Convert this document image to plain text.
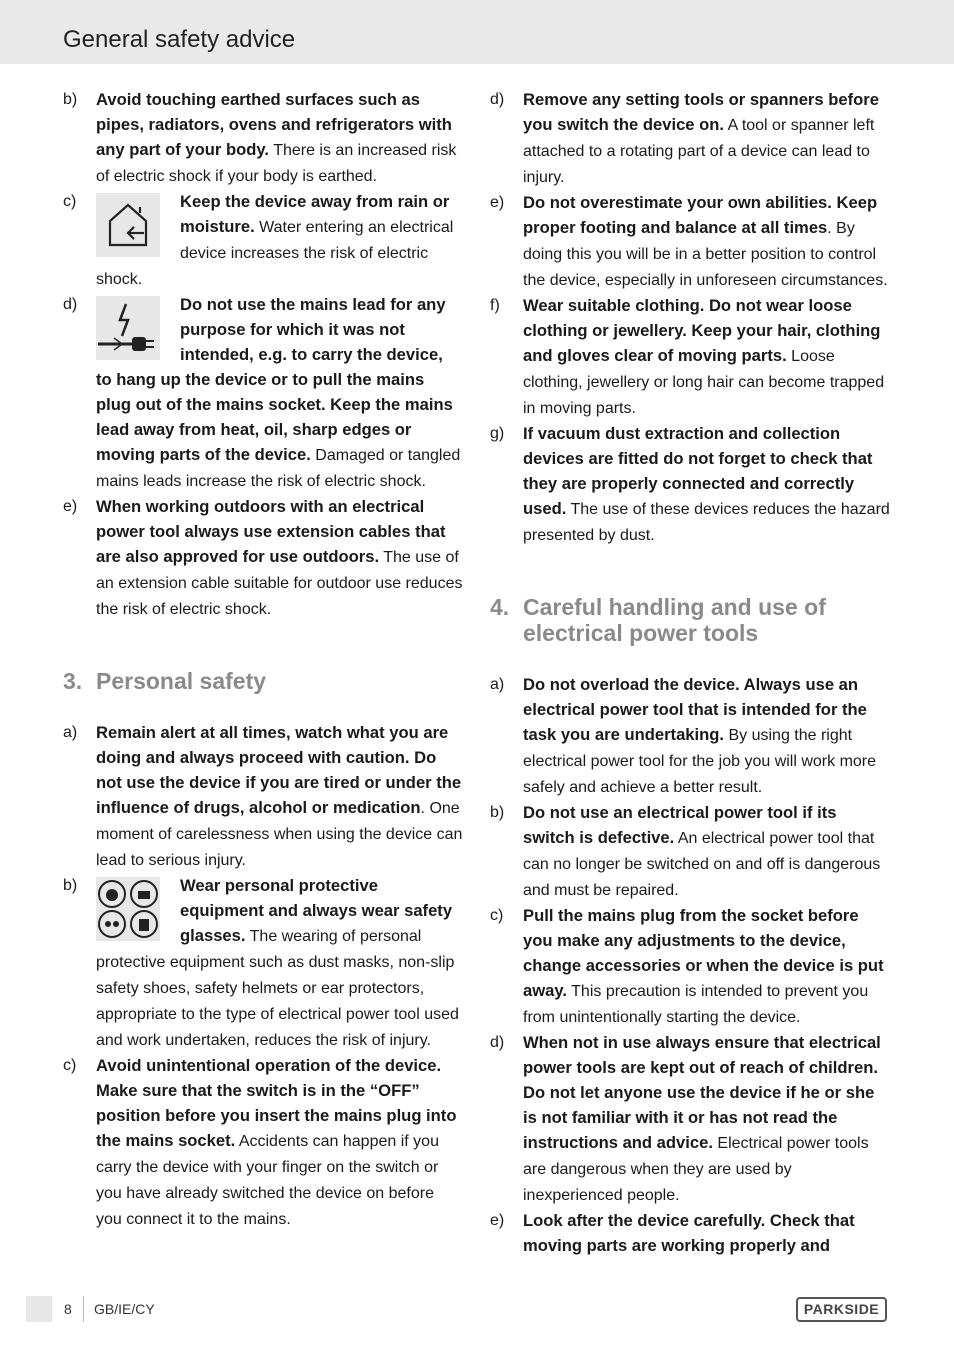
General safety advice
b) Avoid touching earthed surfaces such as pipes, radiators, ovens and refrigerators with any part of your body. There is an increased risk of electric shock if your body is earthed.
c)	Keep the device away from rain or moisture. Water entering an electrical device increases the risk of electric shock.
d)	Do not use the mains lead for any purpose for which it was not intended, e.g. to carry the device, to hang up the device or to pull the mains plug out of the mains socket. Keep the mains lead away from heat, oil, sharp edges or moving parts of the device. Damaged or tangled mains leads increase the risk of electric shock.
e) When working outdoors with an electrical power tool always use extension cables that are also approved for use outdoors. The use of an extension cable suitable for outdoor use reduces the risk of electric shock.
3. Personal safety
a) Remain alert at all times, watch what you are doing and always proceed with caution. Do not use the device if you are tired or under the influence of drugs, alcohol or medication. One moment of carelessness when using the device can lead to serious injury.
b)	Wear personal protective equipment and always wear safety glasses. The wearing of personal protective equipment such as dust masks, non-slip safety shoes, safety helmets or ear protectors, appropriate to the type of electrical power tool used and work undertaken, reduces the risk of injury.
c) Avoid unintentional operation of the device. Make sure that the switch is in the “OFF” position before you insert the mains plug into the mains socket. Accidents can happen if you carry the device with your finger on the switch or you have already switched the device on before you connect it to the mains.
d) Remove any setting tools or spanners before you switch the device on. A tool or spanner left attached to a rotating part of a device can lead to injury.
e) Do not overestimate your own abilities. Keep proper footing and balance at all times. By doing this you will be in a better position to control the device, especially in unforeseen circumstances.
f) Wear suitable clothing. Do not wear loose clothing or jewellery. Keep your hair, clothing and gloves clear of moving parts. Loose clothing, jewellery or long hair can become trapped in moving parts.
g) If vacuum dust extraction and collection devices are fitted do not forget to check that they are properly connected and correctly used. The use of these devices reduces the hazard presented by dust.
4. Careful handling and use of electrical power tools
a) Do not overload the device. Always use an electrical power tool that is intended for the task you are undertaking. By using the right electrical power tool for the job you will work more safely and achieve a better result.
b) Do not use an electrical power tool if its switch is defective. An electrical power tool that can no longer be switched on and off is dangerous and must be repaired.
c) Pull the mains plug from the socket before you make any adjustments to the device, change accessories or when the device is put away. This precaution is intended to prevent you from unintentionally starting the device.
d) When not in use always ensure that electrical power tools are kept out of reach of children. Do not let anyone use the device if he or she is not familiar with it or has not read the instructions and advice. Electrical power tools are dangerous when they are used by inexperienced people.
e) Look after the device carefully. Check that moving parts are working properly and
8 GB/IE/CY	PARKSIDE
